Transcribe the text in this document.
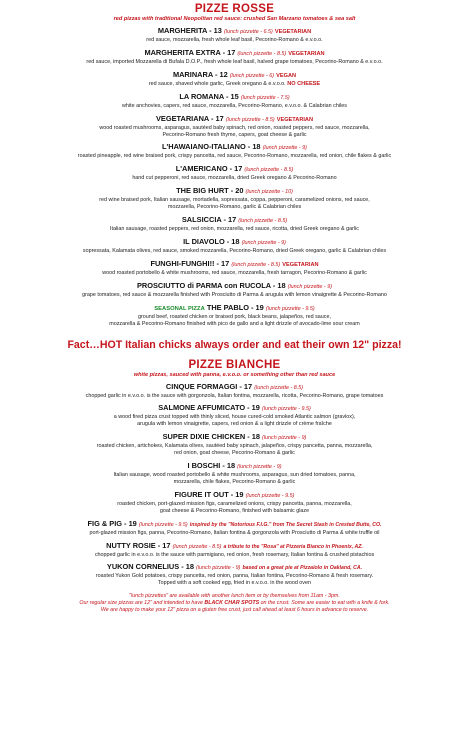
PIZZE ROSSE
red pizzas with traditional Neopolitan red sauce: crushed San Marzano tomatoes & sea salt
MARGHERITA - 13 (lunch pizzette - 6.5) VEGETARIAN
red sauce, mozzarella, fresh whole leaf basil, Pecorino-Romano & e.v.o.o.
MARGHERITA EXTRA - 17 (lunch pizzette - 8.5) VEGETARIAN
red sauce, imported Mozzarella di Bufala D.O.P., fresh whole leaf basil, halved grape tomatoes, Pecorino-Romano & e.v.o.o.
MARINARA - 12 (lunch pizzette - 6) VEGAN
red sauce, shaved whole garlic, Greek oregano & e.v.o.o. NO CHEESE
LA ROMANA - 15 (lunch pizzette - 7.5)
white anchovies, capers, red sauce, mozzarella, Pecorino-Romano, e.v.o.o. & Calabrian chiles
VEGETARIANA - 17 (lunch pizzette - 8.5) VEGETARIAN
wood roasted mushrooms, asparagus, sautéed baby spinach, red onion, roasted peppers, red sauce, mozzarella,
Pecorino-Romano fresh thyme, capers, goat cheese & garlic
L'HAWAIANO-ITALIANO - 18 (lunch pizzette - 9)
roasted pineapple, red wine braised pork, crispy pancetta, red sauce, Pecorino-Romano, mozzarella, red onion, chile flakes & garlic
L'AMERICANO - 17 (lunch pizzette - 8.5)
hand cut pepperoni, red sauce, mozzarella, dried Greek oregano & Pecorino-Romano
THE BIG HURT - 20 (lunch pizzette - 10)
red wine braised pork, Italian sausage, mortadella, sopressata, coppa, pepperoni, caramelized onions, red sauce,
mozzarella, Pecorino-Romano, garlic & Calabrian chiles
SALSICCIA - 17 (lunch pizzette - 8.5)
Italian sausage, roasted peppers, red onion, mozzarella, red sauce, ricotta, dried Greek oregano & garlic
IL DIAVOLO - 18 (lunch pizzette - 9)
sopressata, Kalamata olives, red sauce, smoked mozzarella, Pecorino-Romano, dried Greek oregano, garlic & Calabrian chiles
FUNGHI-FUNGHI!! - 17 (lunch pizzette - 8.5) VEGETARIAN
wood roasted portobello & white mushrooms, red sauce, mozzarella, fresh tarragon, Pecorino-Romano & garlic
PROSCIUTTO di PARMA con RUCOLA - 18 (lunch pizzette - 9)
grape tomatoes, red sauce & mozzarella finished with Prosciutto di Parma & arugula with lemon vinaigrette & Pecorino-Romano
SEASONAL PIZZA THE PABLO - 19 (lunch pizzette - 9.5)
ground beef, roasted chicken or braised pork, black beans, jalapeños, red sauce,
mozzarella & Pecorino-Romano finished with pico de gallo and a light drizzle of avocado-lime sour cream
Fact…HOT Italian chicks always order and eat their own 12" pizza!
PIZZE BIANCHE
white pizzas, sauced with panna, e.v.o.o. or something other than red sauce
CINQUE FORMAGGI - 17 (lunch pizzette - 8.5)
chopped garlic in e.v.o.o. is the sauce with gorgonzola, Italian fontina, mozzarella, ricotta, Pecorino-Romano, grape tomatoes
SALMONE AFFUMICATO - 19 (lunch pizzette - 9.5)
a wood fired pizza crust topped with thinly sliced, house cured-cold smoked Atlantic salmon (gravlox),
arugula with lemon vinaigrette, capers, red onion & a light drizzle of crème fraîche
SUPER DIXIE CHICKEN - 18 (lunch pizzette - 9)
roasted chicken, artichokes, Kalamata olives, sautéed baby spinach, jalapeños, crispy pancetta, panna, mozzarella,
red onion, goat cheese, Pecorino-Romano & garlic
I BOSCHI - 18 (lunch pizzette - 9)
Italian sausage, wood roasted portobello & white mushrooms, asparagus, sun dried tomatoes, panna,
mozzarella, chile flakes, Pecorino-Romano & garlic
FIGURE IT OUT - 19 (lunch pizzette - 9.5)
roasted chicken, port-glazed mission figs, caramelized onions, crispy pancetta, panna, mozzarella,
goat cheese & Pecorino-Romano, finished with balsamic glaze
FIG & PIG - 19 (lunch pizzette - 9.5) inspired by the "Notorious F.I.G." from The Secret Stash in Crested Butte, CO.
port-glazed mission figs, panna, Pecorino-Romano, Italian fontina & gorgonzola with Prosciutto di Parma & white truffle oil
NUTTY ROSIE - 17 (lunch pizzette - 8.5) a tribute to the "Rosa" at Pizzeria Bianco in Phoenix, AZ.
chopped garlic in e.v.o.o. is the sauce with parmigiano, red onion, fresh rosemary, Italian fontina & crushed pistachios
YUKON CORNELIUS - 18 (lunch pizzette - 9) based on a great pie at Pizzaiolo in Oakland, CA.
roasted Yukon Gold potatoes, crispy pancetta, red onion, panna, Italian fontina, Pecorino-Romano & fresh rosemary.
Topped with a soft cooked egg, fried in e.v.o.o. in the wood oven
"lunch pizzettes" are available with another lunch item or by themselves from 11am - 3pm.
Our regular size pizzas are 12" and intended to have BLACK CHAR SPOTS on the crust. Some are easier to eat with a knife & fork.
We are happy to make your 12" pizza on a gluten free crust, just call ahead at least 6 hours in advance to reserve.
